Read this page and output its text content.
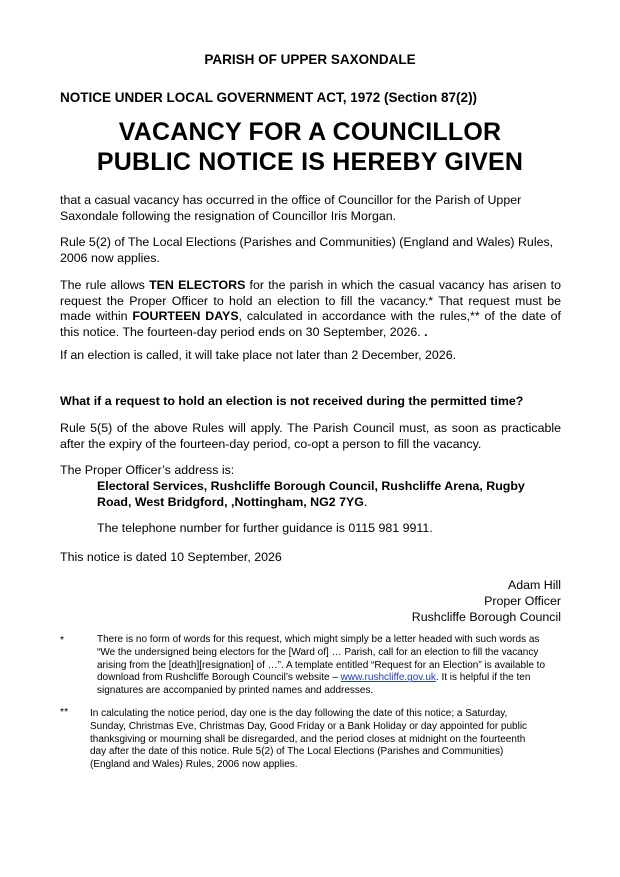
PARISH OF UPPER SAXONDALE
NOTICE UNDER LOCAL GOVERNMENT ACT, 1972 (Section 87(2))
VACANCY FOR A COUNCILLOR
PUBLIC NOTICE IS HEREBY GIVEN

that a casual vacancy has occurred in the office of Councillor for the Parish of Upper Saxondale following the resignation of Councillor Iris Morgan.

Rule 5(2) of The Local Elections (Parishes and Communities) (England and Wales) Rules, 2006 now applies.

The rule allows TEN ELECTORS for the parish in which the casual vacancy has arisen to request the Proper Officer to hold an election to fill the vacancy.* That request must be made within FOURTEEN DAYS, calculated in accordance with the rules,** of the date of this notice. The fourteen-day period ends on 30 September, 2026. .

If an election is called, it will take place not later than 2 December, 2026.

What if a request to hold an election is not received during the permitted time?

Rule 5(5) of the above Rules will apply. The Parish Council must, as soon as practicable after the expiry of the fourteen-day period, co-opt a person to fill the vacancy.

The Proper Officer’s address is:

Electoral Services, Rushcliffe Borough Council, Rushcliffe Arena, Rugby Road, West Bridgford, ,Nottingham, NG2 7YG.

The telephone number for further guidance is 0115 981 9911.

This notice is dated 10 September, 2026

Adam Hill
Proper Officer
Rushcliffe Borough Council
*	There is no form of words for this request, which might simply be a letter headed with such words as “We the undersigned being electors for the [Ward of] … Parish, call for an election to fill the vacancy arising from the [death][resignation] of …”. A template entitled “Request for an Election” is available to download from Rushcliffe Borough Council’s website – www.rushcliffe.gov.uk. It is helpful if the ten signatures are accompanied by printed names and addresses.

** In calculating the notice period, day one is the day following the date of this notice; a Saturday, Sunday, Christmas Eve, Christmas Day, Good Friday or a Bank Holiday or day appointed for public thanksgiving or mourning shall be disregarded, and the period closes at midnight on the fourteenth day after the date of this notice. Rule 5(2) of The Local Elections (Parishes and Communities) (England and Wales) Rules, 2006 now applies.
